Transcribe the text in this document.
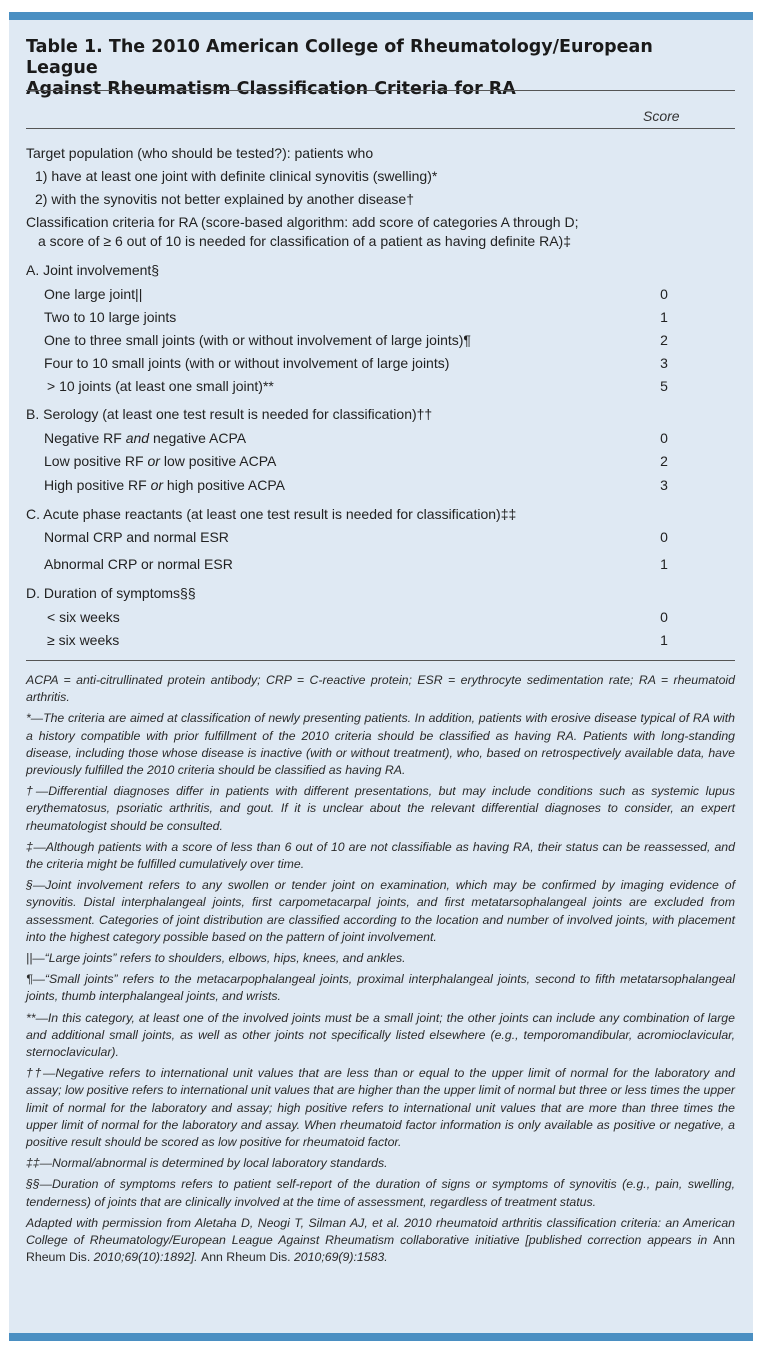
Table 1. The 2010 American College of Rheumatology/European League
Against Rheumatism Classification Criteria for RA
Score
Target population (who should be tested?): patients who
1) have at least one joint with definite clinical synovitis (swelling)*
2) with the synovitis not better explained by another disease†
Classification criteria for RA (score-based algorithm: add score of categories A through D;
a score of ≥ 6 out of 10 is needed for classification of a patient as having definite RA)‡
A. Joint involvement§
One large joint||	0
Two to 10 large joints	1
One to three small joints (with or without involvement of large joints)¶	2
Four to 10 small joints (with or without involvement of large joints)	3
> 10 joints (at least one small joint)**	5
B. Serology (at least one test result is needed for classification)††
Negative RF and negative ACPA	0
Low positive RF or low positive ACPA	2
High positive RF or high positive ACPA	3
C. Acute phase reactants (at least one test result is needed for classification)‡‡
Normal CRP and normal ESR	0
Abnormal CRP or normal ESR	1
D. Duration of symptoms§§
< six weeks	0
≥ six weeks	1

ACPA = anti-citrullinated protein antibody; CRP = C-reactive protein; ESR = erythrocyte sedimentation rate; RA = rheumatoid arthritis.

*—The criteria are aimed at classification of newly presenting patients. In addition, patients with erosive disease typical of RA with a history compatible with prior fulfillment of the 2010 criteria should be classified as having RA. Patients with long-standing disease, including those whose disease is inactive (with or without treatment), who, based on retrospectively available data, have previously fulfilled the 2010 criteria should be classified as having RA.

†—Differential diagnoses differ in patients with different presentations, but may include conditions such as systemic lupus erythematosus, psoriatic arthritis, and gout. If it is unclear about the relevant differential diagnoses to consider, an expert rheumatologist should be consulted.

‡—Although patients with a score of less than 6 out of 10 are not classifiable as having RA, their status can be reassessed, and the criteria might be fulfilled cumulatively over time.

§—Joint involvement refers to any swollen or tender joint on examination, which may be confirmed by imaging evidence of synovitis. Distal interphalangeal joints, first carpometacarpal joints, and first metatarsophalangeal joints are excluded from assessment. Categories of joint distribution are classified according to the location and number of involved joints, with placement into the highest category possible based on the pattern of joint involvement.

||—“Large joints” refers to shoulders, elbows, hips, knees, and ankles.

¶—“Small joints” refers to the metacarpophalangeal joints, proximal interphalangeal joints, second to fifth metatarsophalangeal joints, thumb interphalangeal joints, and wrists.

**—In this category, at least one of the involved joints must be a small joint; the other joints can include any combination of large and additional small joints, as well as other joints not specifically listed elsewhere (e.g., temporomandibular, acromioclavicular, sternoclavicular).

††—Negative refers to international unit values that are less than or equal to the upper limit of normal for the laboratory and assay; low positive refers to international unit values that are higher than the upper limit of normal but three or less times the upper limit of normal for the laboratory and assay; high positive refers to international unit values that are more than three times the upper limit of normal for the laboratory and assay. When rheumatoid factor information is only available as positive or negative, a positive result should be scored as low positive for rheumatoid factor.

‡‡—Normal/abnormal is determined by local laboratory standards.

§§—Duration of symptoms refers to patient self-report of the duration of signs or symptoms of synovitis (e.g., pain, swelling, tenderness) of joints that are clinically involved at the time of assessment, regardless of treatment status.

Adapted with permission from Aletaha D, Neogi T, Silman AJ, et al. 2010 rheumatoid arthritis classification criteria: an American College of Rheumatology/European League Against Rheumatism collaborative initiative [published correction appears in Ann Rheum Dis. 2010;69(10):1892]. Ann Rheum Dis. 2010;69(9):1583.
